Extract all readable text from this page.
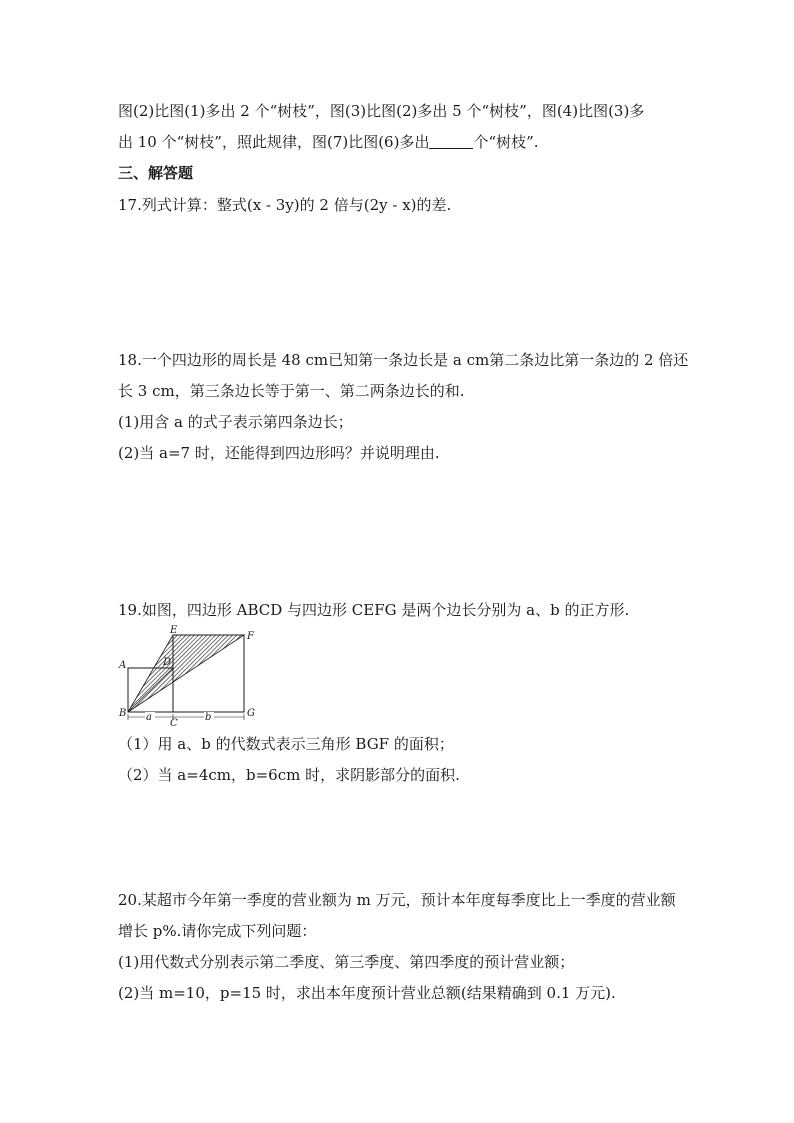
图(2)比图(1)多出 2 个“树枝”，图(3)比图(2)多出 5 个“树枝”，图(4)比图(3)多
出 10 个“树枝”，照此规律，图(7)比图(6)多出	个“树枝”.
三、解答题
17.列式计算：整式(x - 3y)的 2 倍与(2y - x)的差.
18.一个四边形的周长是 48 cm已知第一条边长是 a cm第二条边比第一条边的 2 倍还
长 3 cm，第三条边长等于第一、第二两条边长的和.
(1)用含 a 的式子表示第四条边长；
(2)当 a=7 时，还能得到四边形吗？并说明理由.
19.如图，四边形 ABCD 与四边形 CEFG 是两个边长分别为 a、b 的正方形.
a	b
A
B
C
D
E
F
G
（1）用 a、b 的代数式表示三角形 BGF 的面积；
（2）当 a=4cm，b=6cm 时，求阴影部分的面积.
20.某超市今年第一季度的营业额为 m 万元，预计本年度每季度比上一季度的营业额
增长 p%.请你完成下列问题：
(1)用代数式分别表示第二季度、第三季度、第四季度的预计营业额；
(2)当 m=10，p=15 时，求出本年度预计营业总额(结果精确到 0.1 万元).
